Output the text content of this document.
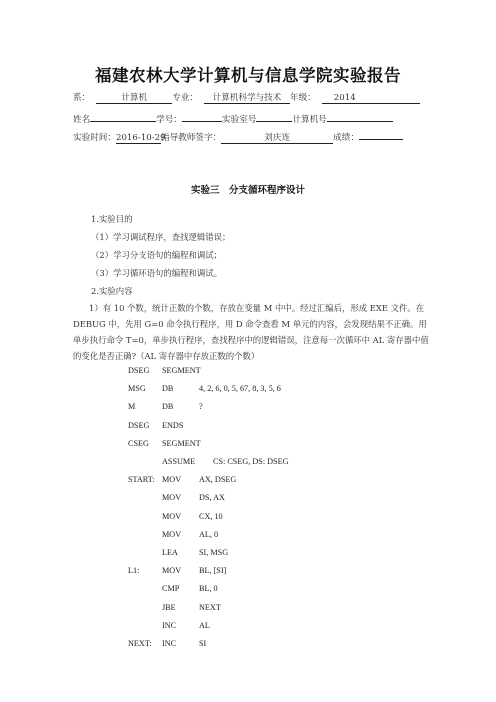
福建农林大学计算机与信息学院实验报告
系：	计算机	专业： 计算机科学与技术 年级： 2014
姓名	学号：	实验室号	计算机号
实验时间：2016-10-29指导教师签字：	刘庆连	成绩：
实验三　分支循环程序设计
1.实验目的
（1）学习调试程序，查找逻辑错误；
（2）学习分支语句的编程和调试；
（3）学习循环语句的编程和调试。
2.实验内容
1）有 10 个数，统计正数的个数，存放在变量 M 中中。经过汇编后，形成 EXE 文件。在 DEBUG 中，先用 G=0 命令执行程序，用 D 命令查看 M 单元的内容，会发现结果不正确。用单步执行命令 T=0，单步执行程序，查找程序中的逻辑错误，注意每一次循环中 AL 寄存器中值的变化是否正确?（AL 寄存器中存放正数的个数）
DSEG SEGMENT
MSG DB	4, 2, 6, 0, 5, 67, 8, 3, 5, 6
M	DB	?
DSEG ENDS
CSEG SEGMENT
ASSUME CS: CSEG, DS: DSEG
START: MOV AX, DSEG
MOV DS, AX
MOV CX, 10
MOV AL, 0
LEA	SI, MSG
L1:	MOV BL, [SI]
CMP BL, 0
JBE	NEXT
INC	AL
NEXT: INC	SI
